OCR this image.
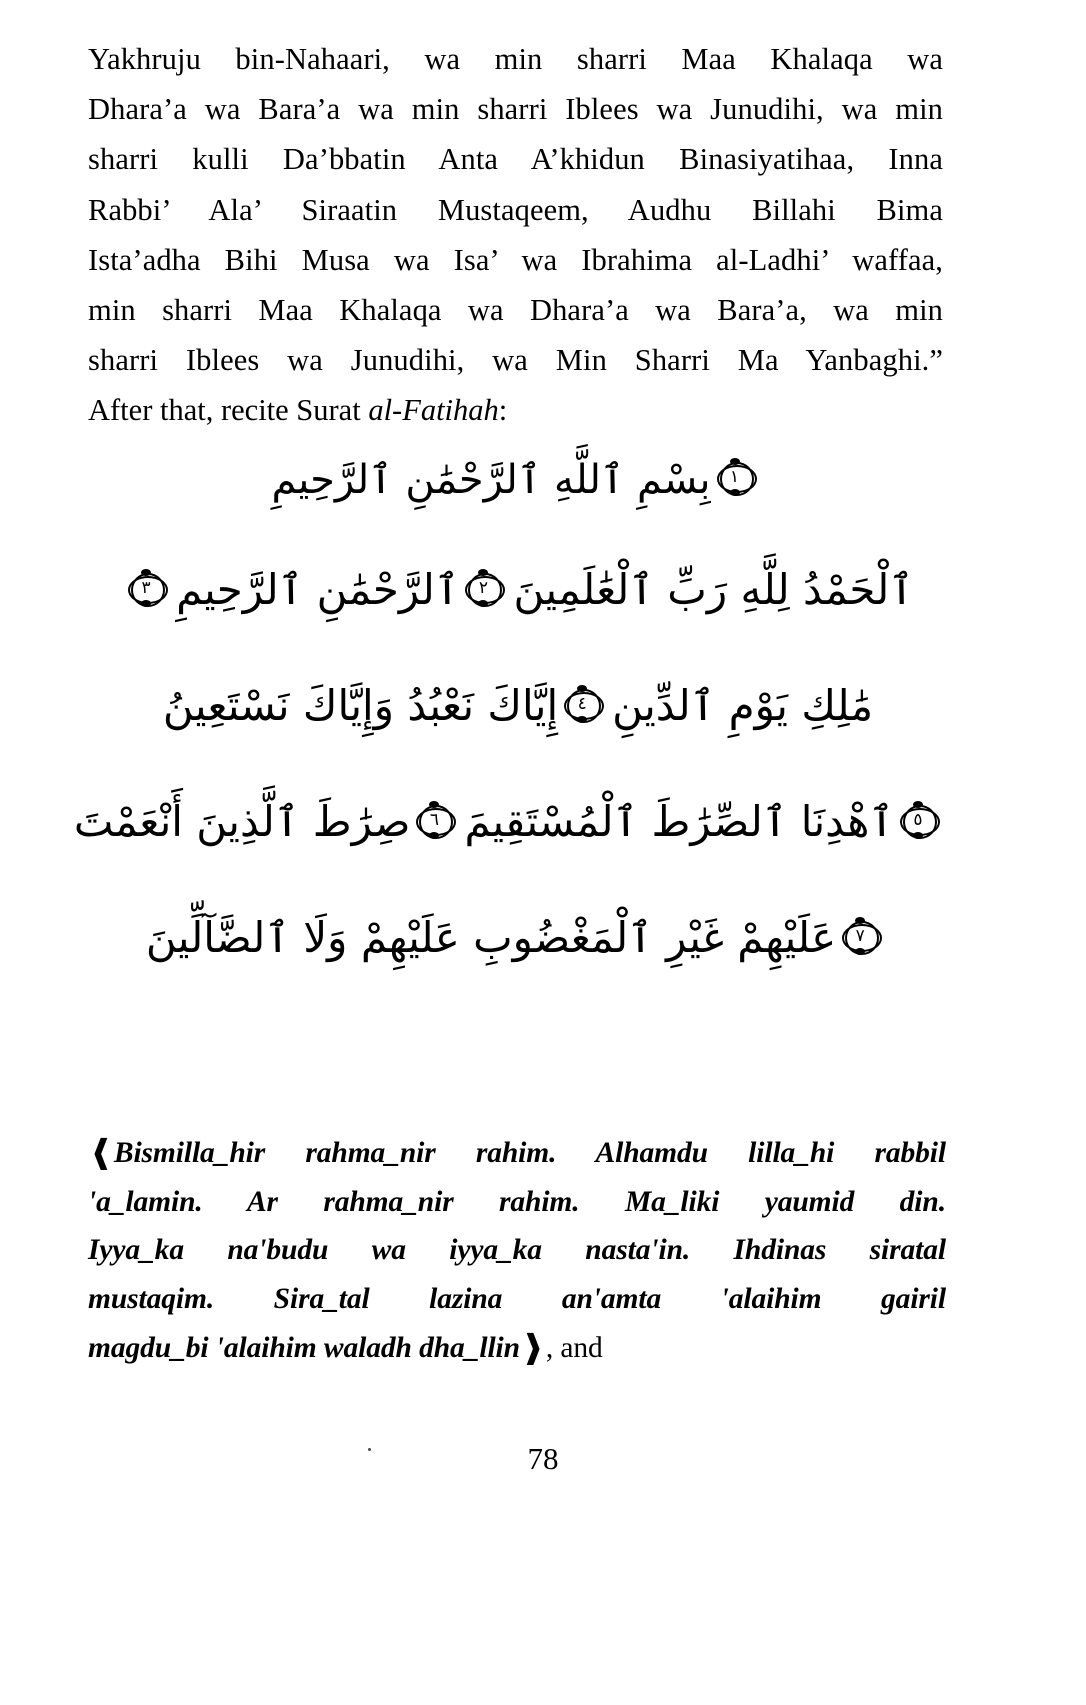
Yakhruju bin-Nahaari, wa min sharri Maa Khalaqa wa
Dhara’a wa Bara’a wa min sharri Iblees wa Junudihi, wa min
sharri kulli Da’bbatin Anta A’khidun Binasiyatihaa, Inna
Rabbi’ Ala’ Siraatin Mustaqeem, Audhu Billahi Bima
Ista’adha Bihi Musa wa Isa’ wa Ibrahima al-Ladhi’ waffaa,
min sharri Maa Khalaqa wa Dhara’a wa Bara’a, wa min
sharri Iblees wa Junudihi, wa Min Sharri Ma Yanbaghi.”
After that, recite Surat al-Fatihah:
١
بِسْمِ ٱللَّهِ ٱلرَّحْمَٰنِ ٱلرَّحِيمِ
ٱلْحَمْدُ لِلَّهِ رَبِّ ٱلْعَٰلَمِينَ
٢
ٱلرَّحْمَٰنِ ٱلرَّحِيمِ
٣
مَٰلِكِ يَوْمِ ٱلدِّينِ
٤
إِيَّاكَ نَعْبُدُ وَإِيَّاكَ نَسْتَعِينُ
٥
ٱهْدِنَا ٱلصِّرَٰطَ ٱلْمُسْتَقِيمَ
٦
صِرَٰطَ ٱلَّذِينَ أَنْعَمْتَ
٧
عَلَيْهِمْ غَيْرِ ٱلْمَغْضُوبِ عَلَيْهِمْ وَلَا ٱلضَّآلِّينَ
❰Bismilla_hir rahma_nir rahim. Alhamdu lilla_hi rabbil
'a_lamin. Ar rahma_nir rahim. Ma_liki yaumid din.
Iyya_ka na'budu wa iyya_ka nasta'in. Ihdinas siratal
mustaqim. Sira_tal lazina an'amta 'alaihim gairil
magdu_bi 'alaihim waladh dha_llin❱, and
78
